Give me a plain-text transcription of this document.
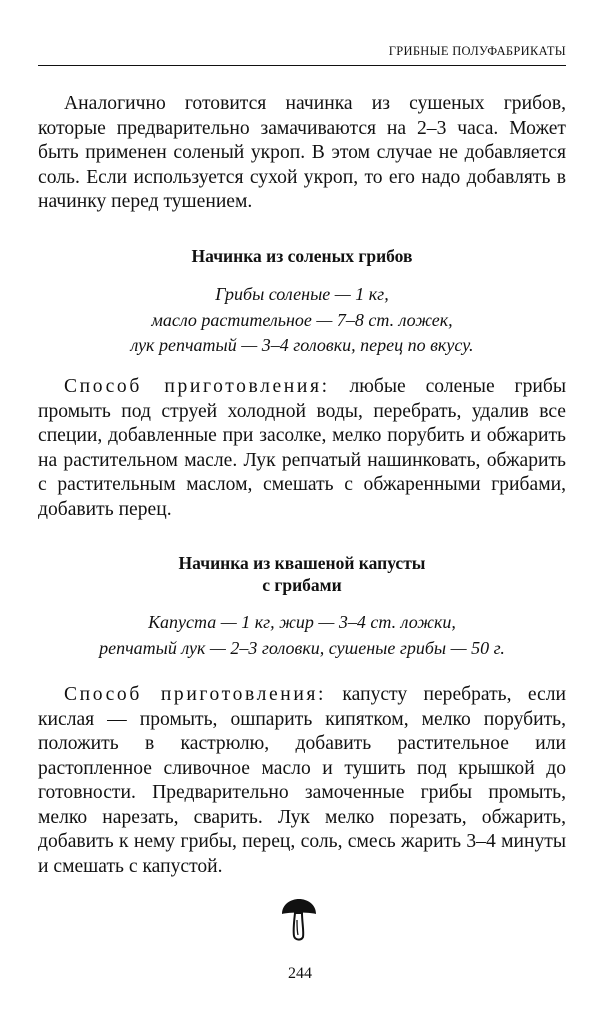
ГРИБНЫЕ ПОЛУФАБРИКАТЫ

Аналогично готовится начинка из сушеных грибов, которые предварительно замачиваются на 2–3 часа. Может быть применен соленый укроп. В этом случае не добавляется соль. Если используется сухой укроп, то его надо добавлять в начинку перед тушением.

Начинка из соленых грибов

Грибы соленые — 1 кг,
масло растительное — 7–8 ст. ложек,
лук репчатый — 3–4 головки, перец по вкусу.

Способ приготовления: любые соленые грибы промыть под струей холодной воды, перебрать, удалив все специи, добавленные при засолке, мелко порубить и обжарить на растительном масле. Лук репчатый нашинковать, обжарить с растительным маслом, смешать с обжаренными грибами, добавить перец.

Начинка из квашеной капусты
с грибами
Капуста — 1 кг, жир — 3–4 ст. ложки,
репчатый лук — 2–3 головки, сушеные грибы — 50 г.

Способ приготовления: капусту перебрать, если кислая — промыть, ошпарить кипятком, мелко порубить, положить в кастрюлю, добавить растительное или растопленное сливочное масло и тушить под крышкой до готовности. Предварительно замоченные грибы промыть, мелко нарезать, сварить. Лук мелко порезать, обжарить, добавить к нему грибы, перец, соль, смесь жарить 3–4 минуты и смешать с капустой.

244
